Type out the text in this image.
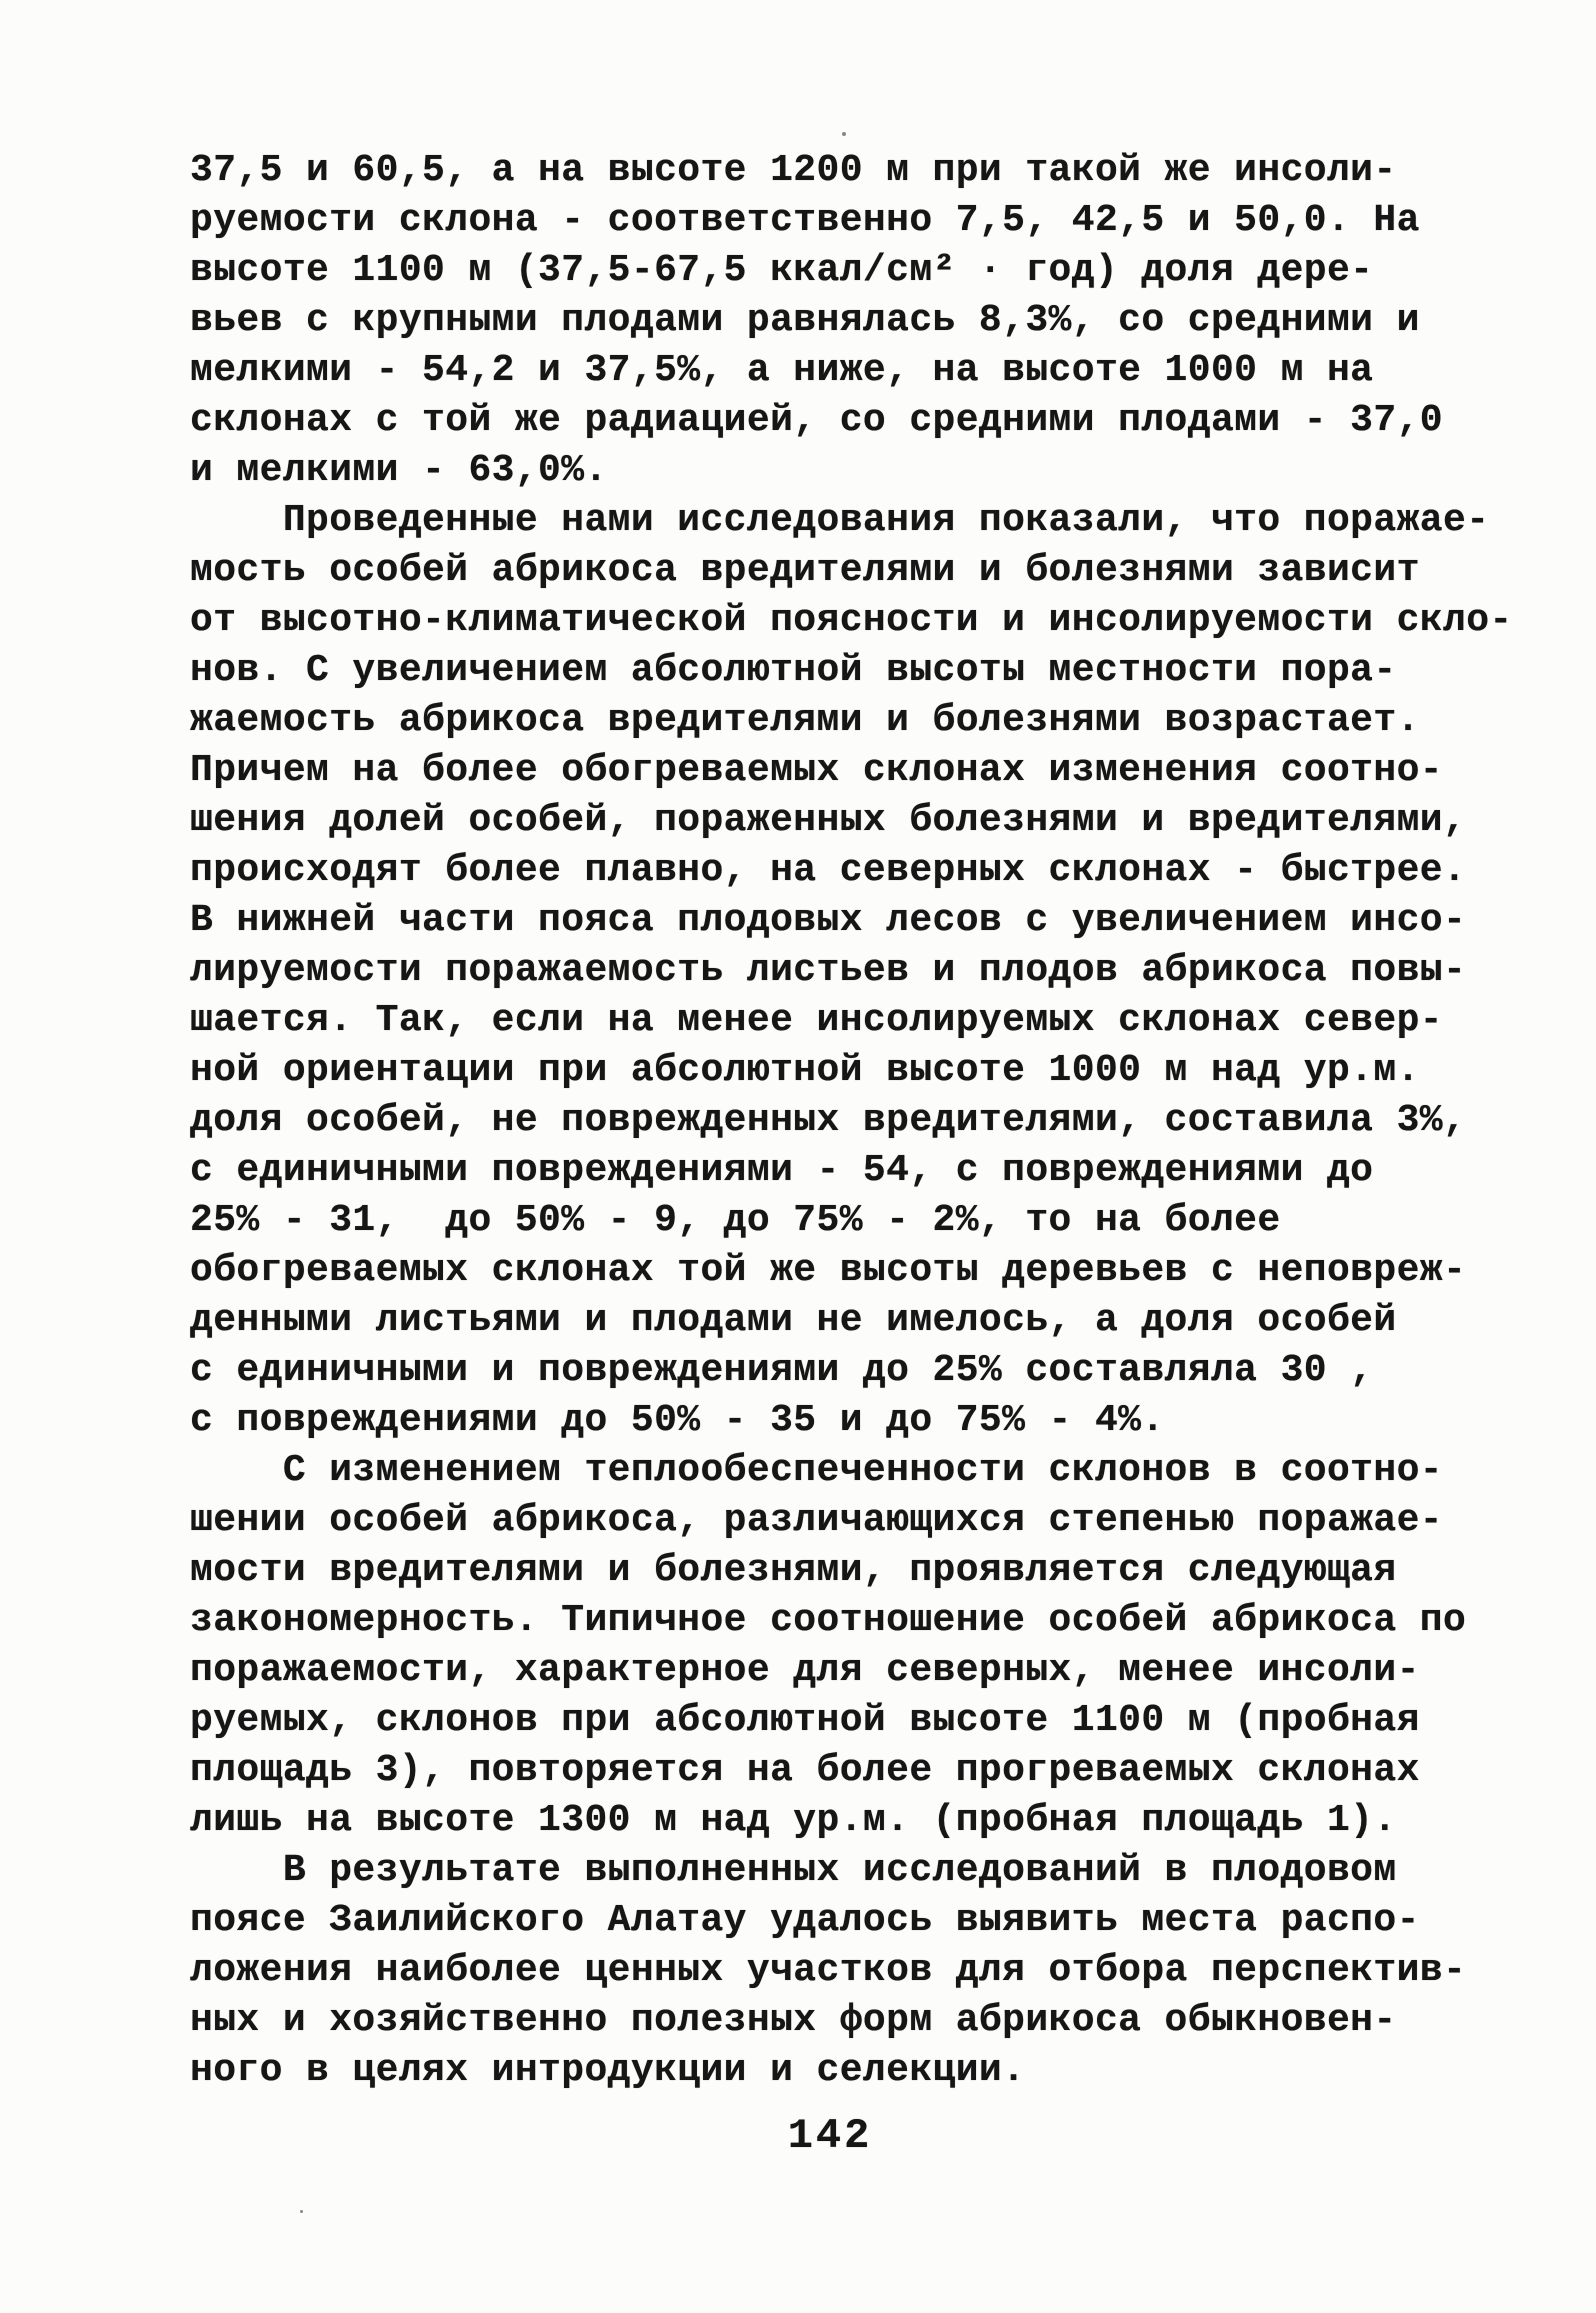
37,5 и 60,5, а на высоте 1200 м при такой же инсоли-
руемости склона - соответственно 7,5, 42,5 и 50,0. На
высоте 1100 м (37,5-67,5 ккал/см² · год) доля дере-
вьев с крупными плодами равнялась 8,3%, со средними и
мелкими - 54,2 и 37,5%, а ниже, на высоте 1000 м на
склонах с той же радиацией, со средними плодами - 37,0
и мелкими - 63,0%.
Проведенные нами исследования показали, что поражае-
мость особей абрикоса вредителями и болезнями зависит
от высотно-климатической поясности и инсолируемости скло-
нов. С увеличением абсолютной высоты местности пора-
жаемость абрикоса вредителями и болезнями возрастает.
Причем на более обогреваемых склонах изменения соотно-
шения долей особей, пораженных болезнями и вредителями,
происходят более плавно, на северных склонах - быстрее.
В нижней части пояса плодовых лесов с увеличением инсо-
лируемости поражаемость листьев и плодов абрикоса повы-
шается. Так, если на менее инсолируемых склонах север-
ной ориентации при абсолютной высоте 1000 м над ур.м.
доля особей, не поврежденных вредителями, составила 3%,
с единичными повреждениями - 54, с повреждениями до
25% - 31,  до 50% - 9, до 75% - 2%, то на более
обогреваемых склонах той же высоты деревьев с неповреж-
денными листьями и плодами не имелось, а доля особей
с единичными и повреждениями до 25% составляла 30 ,
с повреждениями до 50% - 35 и до 75% - 4%.
С изменением теплообеспеченности склонов в соотно-
шении особей абрикоса, различающихся степенью поражае-
мости вредителями и болезнями, проявляется следующая
закономерность. Типичное соотношение особей абрикоса по
поражаемости, характерное для северных, менее инсоли-
руемых, склонов при абсолютной высоте 1100 м (пробная
площадь 3), повторяется на более прогреваемых склонах
лишь на высоте 1300 м над ур.м. (пробная площадь 1).
В результате выполненных исследований в плодовом
поясе Заилийского Алатау удалось выявить места распо-
ложения наиболее ценных участков для отбора перспектив-
ных и хозяйственно полезных форм абрикоса обыкновен-
ного в целях интродукции и селекции.
142
